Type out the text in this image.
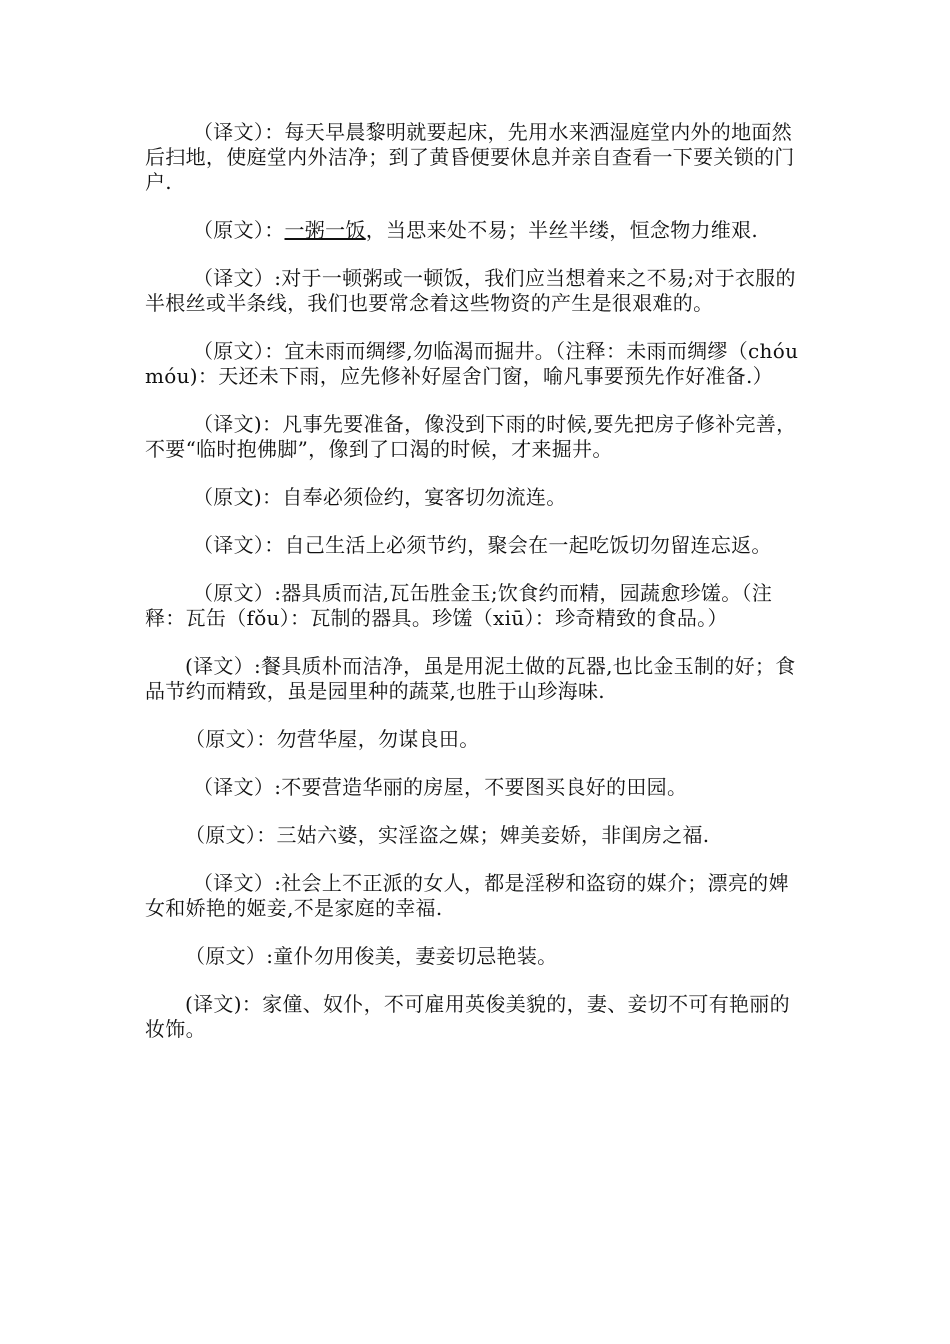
（译文）：每天早晨黎明就要起床，先用水来洒湿庭堂内外的地面然后扫地，使庭堂内外洁净；到了黄昏便要休息并亲自查看一下要关锁的门户.

（原文）：一粥一饭，当思来处不易；半丝半缕，恒念物力维艰.

（译文）:对于一顿粥或一顿饭，我们应当想着来之不易;对于衣服的半根丝或半条线，我们也要常念着这些物资的产生是很艰难的。

（原文）：宜未雨而绸缪,勿临渴而掘井。（注释：未雨而绸缪（chóu móu)：天还未下雨，应先修补好屋舍门窗，喻凡事要预先作好准备.）

（译文)：凡事先要准备，像没到下雨的时候,要先把房子修补完善，不要“临时抱佛脚”，像到了口渴的时候，才来掘井。

（原文)：自奉必须俭约，宴客切勿流连。

（译文）：自己生活上必须节约，聚会在一起吃饭切勿留连忘返。

（原文）:器具质而洁,瓦缶胜金玉;饮食约而精，园蔬愈珍馐。（注释：瓦缶（fǒu）：瓦制的器具。珍馐（xiū）：珍奇精致的食品。）

(译文）:餐具质朴而洁净，虽是用泥土做的瓦器,也比金玉制的好；食品节约而精致，虽是园里种的蔬菜,也胜于山珍海味.

（原文）：勿营华屋，勿谋良田。

（译文）:不要营造华丽的房屋，不要图买良好的田园。

（原文）：三姑六婆，实淫盗之媒；婢美妾娇，非闺房之福.

（译文）:社会上不正派的女人，都是淫秽和盗窃的媒介；漂亮的婢女和娇艳的姬妾,不是家庭的幸福.

（原文）:童仆勿用俊美，妻妾切忌艳装。

(译文)：家僮、奴仆，不可雇用英俊美貌的，妻、妾切不可有艳丽的妆饰。
